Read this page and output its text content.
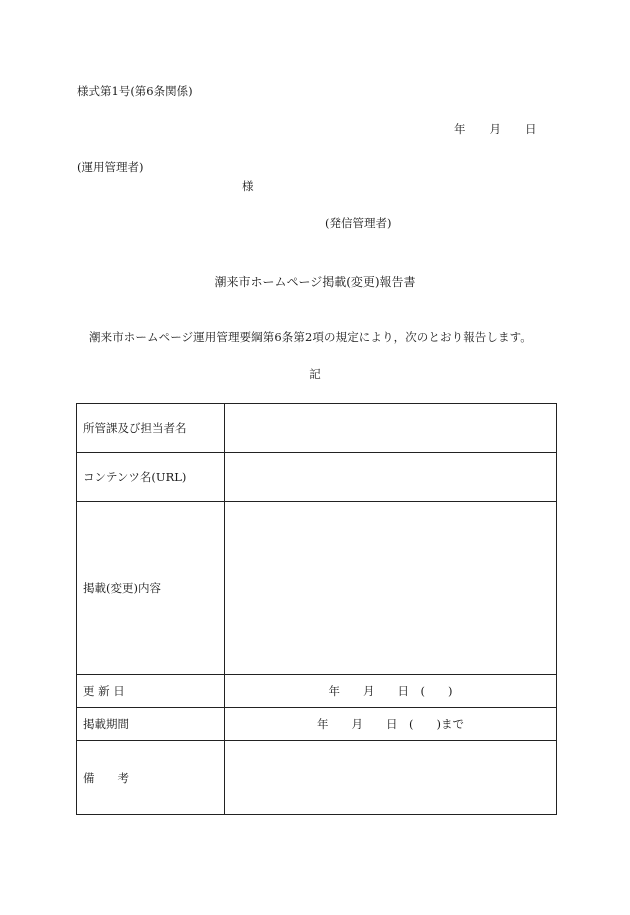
様式第1号(第6条関係)
年 月 日
(運用管理者)
様
(発信管理者)
潮来市ホームページ掲載(変更)報告書
潮来市ホームページ運用管理要綱第6条第2項の規定により，次のとおり報告します。
記
所管課及び担当者名	
コンテンツ名(URL)	
掲載(変更)内容	
更 新 日	年　　月　　日　(　　)
掲載期間	年　　月　　日　(　　)まで
備　　考	
